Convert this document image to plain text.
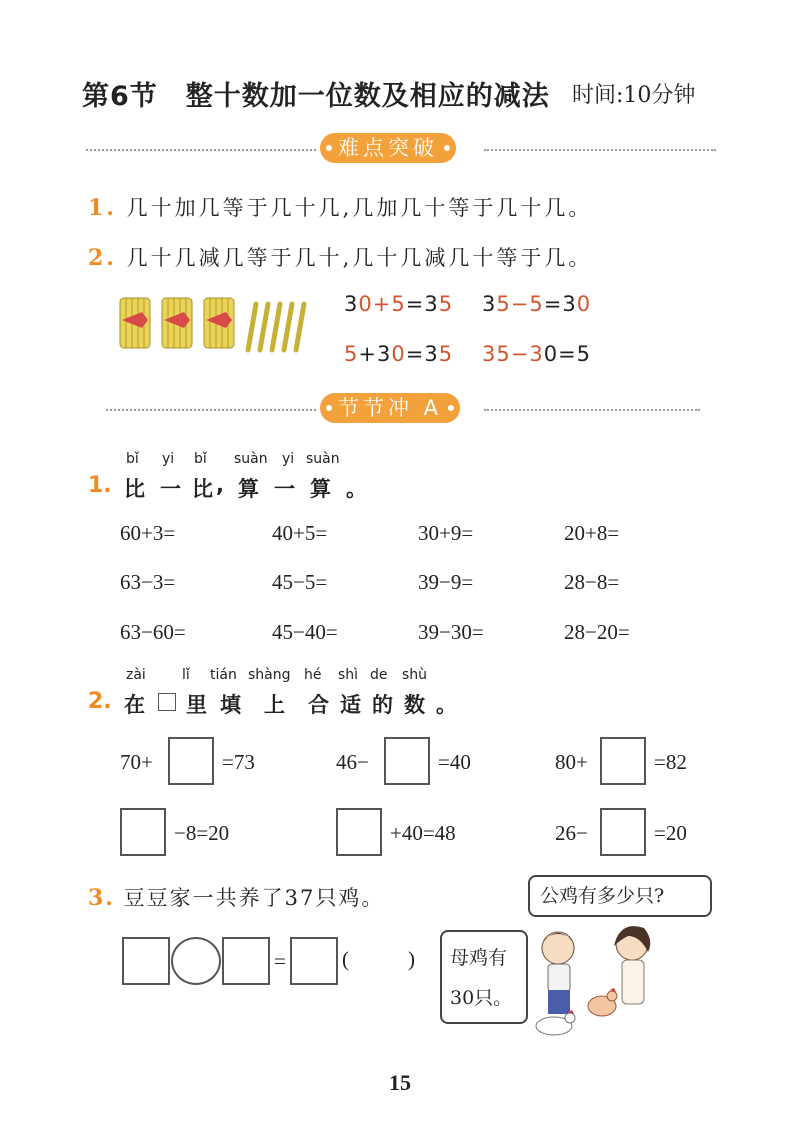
第6节 整十数加一位数及相应的减法 时间:10分钟
难点突破
1. 几十加几等于几十几,几加几十等于几十几。
2. 几十几减几等于几十,几十几减几十等于几。
30+5=35 35−5=30
5+30=35 35−30=5
节节冲 A
bǐ yi bǐ suàn yi suàn
1. 比 一 比 , 算 一 算 。
60+3=	40+5=	30+9=	20+8=
63−3=	45−5=	39−9=	28−8=
63−60=	45−40=	39−30=	28−20=
zài	lǐ tián shàng hé shì de shù
2. 在 里 填 上 合 适 的 数 。
70+	=73	46−	=40	80+	=82
−8=20	+40=48	26−	=20
3. 豆豆家一共养了37只鸡。
=	(	)
公鸡有多少只?
母鸡有
30只。
15
